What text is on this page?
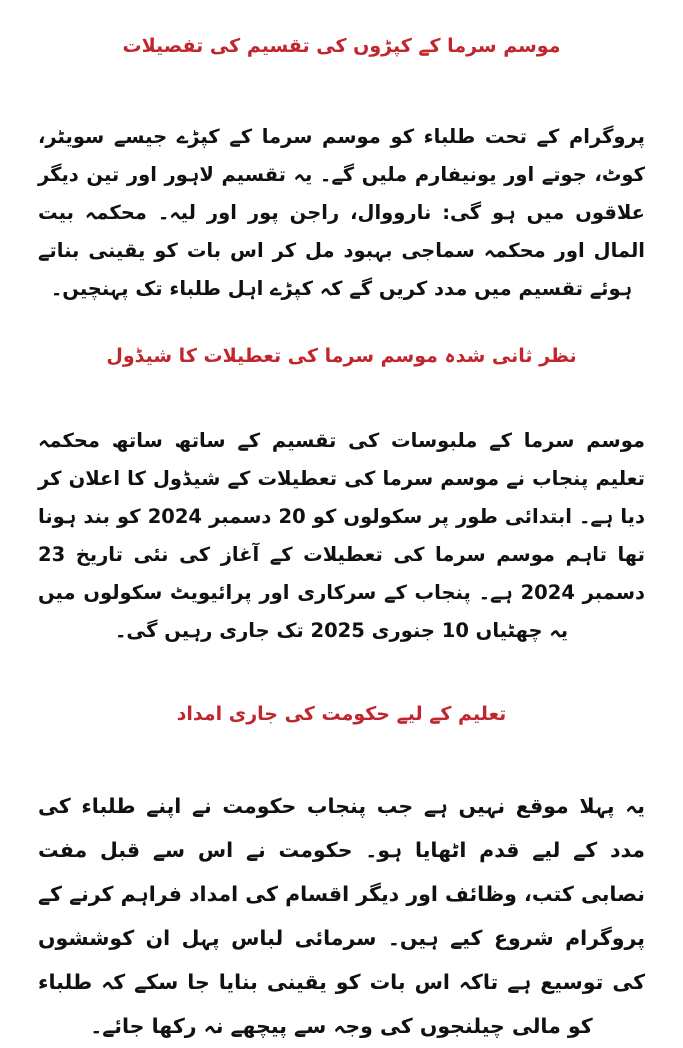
موسم سرما کے کپڑوں کی تقسیم کی تفصیلات

پروگرام کے تحت طلباء کو موسم سرما کے کپڑے جیسے سویٹر، کوٹ، جوتے اور یونیفارم ملیں گے۔ یہ تقسیم لاہور اور تین دیگر علاقوں میں ہو گی: نارووال، راجن پور اور لیہ۔ محکمہ بیت المال اور محکمہ سماجی بہبود مل کر اس بات کو یقینی بناتے ہوئے تقسیم میں مدد کریں گے کہ کپڑے اہل طلباء تک پہنچیں۔

نظر ثانی شدہ موسم سرما کی تعطیلات کا شیڈول

موسم سرما کے ملبوسات کی تقسیم کے ساتھ ساتھ محکمہ تعلیم پنجاب نے موسم سرما کی تعطیلات کے شیڈول کا اعلان کر دیا ہے۔ ابتدائی طور پر سکولوں کو 20 دسمبر 2024 کو بند ہونا تھا تاہم موسم سرما کی تعطیلات کے آغاز کی نئی تاریخ 23 دسمبر 2024 ہے۔ پنجاب کے سرکاری اور پرائیویٹ سکولوں میں یہ چھٹیاں 10 جنوری 2025 تک جاری رہیں گی۔

تعلیم کے لیے حکومت کی جاری امداد

یہ پہلا موقع نہیں ہے جب پنجاب حکومت نے اپنے طلباء کی مدد کے لیے قدم اٹھایا ہو۔ حکومت نے اس سے قبل مفت نصابی کتب، وظائف اور دیگر اقسام کی امداد فراہم کرنے کے پروگرام شروع کیے ہیں۔ سرمائی لباس پہل ان کوششوں کی توسیع ہے تاکہ اس بات کو یقینی بنایا جا سکے کہ طلباء کو مالی چیلنجوں کی وجہ سے پیچھے نہ رکھا جائے۔
